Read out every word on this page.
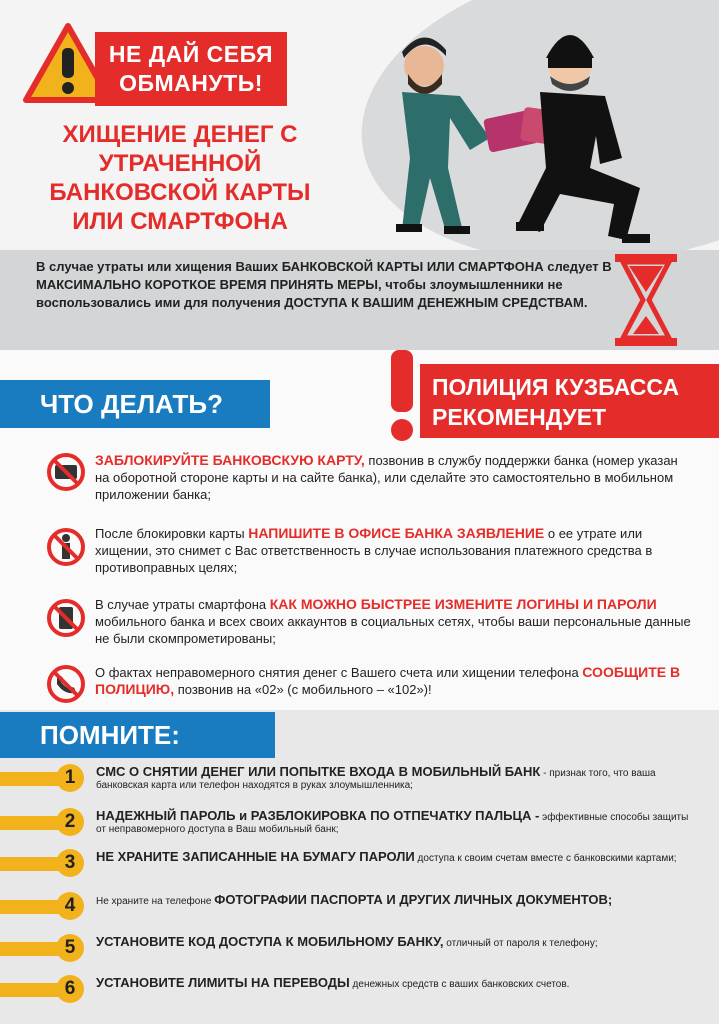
НЕ ДАЙ СЕБЯ ОБМАНУТЬ!
ХИЩЕНИЕ ДЕНЕГ С УТРАЧЕННОЙ БАНКОВСКОЙ КАРТЫ ИЛИ СМАРТФОНА

В случае утраты или хищения Ваших БАНКОВСКОЙ КАРТЫ ИЛИ СМАРТФОНА следует В МАКСИМАЛЬНО КОРОТКОЕ ВРЕМЯ ПРИНЯТЬ МЕРЫ, чтобы злоумышленники не воспользовались ими для получения ДОСТУПА К ВАШИМ ДЕНЕЖНЫМ СРЕДСТВАМ.

ЧТО ДЕЛАТЬ?
ПОЛИЦИЯ КУЗБАССА
РЕКОМЕНДУЕТ
ЗАБЛОКИРУЙТЕ БАНКОВСКУЮ КАРТУ, позвонив в службу поддержки банка (номер указан на оборотной стороне карты и на сайте банка), или сделайте это самостоятельно в мобильном приложении банка;
После блокировки карты НАПИШИТЕ В ОФИСЕ БАНКА ЗАЯВЛЕНИЕ о ее утрате или хищении, это снимет с Вас ответственность в случае использования платежного средства в противоправных целях;
В случае утраты смартфона КАК МОЖНО БЫСТРЕЕ ИЗМЕНИТЕ ЛОГИНЫ И ПАРОЛИ мобильного банка и всех своих аккаунтов в социальных сетях, чтобы ваши персональные данные не были скомпрометированы;
О фактах неправомерного снятия денег с Вашего счета или хищении телефона СООБЩИТЕ В ПОЛИЦИЮ, позвонив на «02» (с мобильного – «102»)!
ПОМНИТЕ:
1	СМС О СНЯТИИ ДЕНЕГ ИЛИ ПОПЫТКЕ ВХОДА В МОБИЛЬНЫЙ БАНК - признак того, что ваша банковская карта или телефон находятся в руках злоумышленника;
2	НАДЕЖНЫЙ ПАРОЛЬ и РАЗБЛОКИРОВКА ПО ОТПЕЧАТКУ ПАЛЬЦА - эффективные способы защиты от неправомерного доступа в Ваш мобильный банк;
3	НЕ ХРАНИТЕ ЗАПИСАННЫЕ НА БУМАГУ ПАРОЛИ доступа к своим счетам вместе с банковскими картами;
4	Не храните на телефоне ФОТОГРАФИИ ПАСПОРТА И ДРУГИХ ЛИЧНЫХ ДОКУМЕНТОВ;
5	УСТАНОВИТЕ КОД ДОСТУПА К МОБИЛЬНОМУ БАНКУ, отличный от пароля к телефону;
6	УСТАНОВИТЕ ЛИМИТЫ НА ПЕРЕВОДЫ денежных средств с ваших банковских счетов.
